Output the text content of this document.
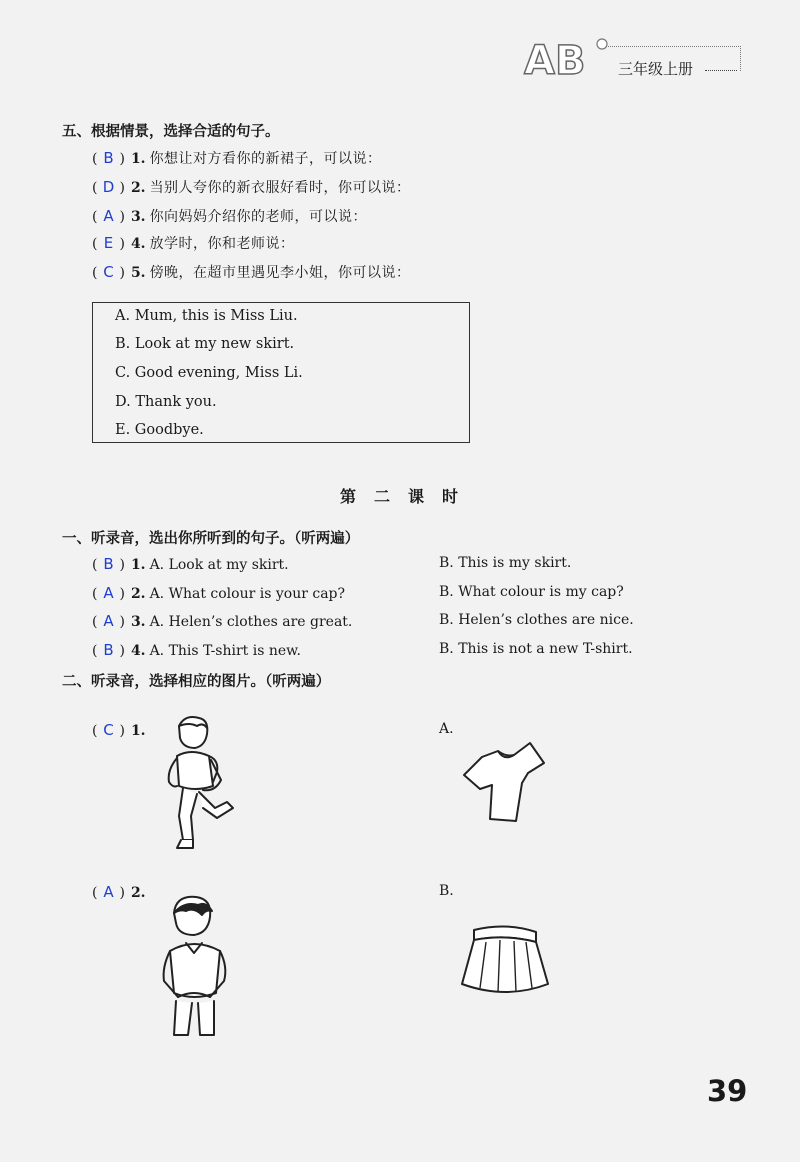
AB 三年级上册
五、根据情景，选择合适的句子。
( B ) 1. 你想让对方看你的新裙子，可以说：
( D ) 2. 当别人夸你的新衣服好看时，你可以说：
( A ) 3. 你向妈妈介绍你的老师，可以说：
( E ) 4. 放学时，你和老师说：
( C ) 5. 傍晚，在超市里遇见李小姐，你可以说：
A. Mum, this is Miss Liu.
B. Look at my new skirt.
C. Good evening, Miss Li.
D. Thank you.
E. Goodbye.
第二课时
一、听录音，选出你所听到的句子。（听两遍）
( B ) 1. A. Look at my skirt.	B. This is my skirt.
( A ) 2. A. What colour is your cap?	B. What colour is my cap?
( A ) 3. A. Helen’s clothes are great.	B. Helen’s clothes are nice.
( B ) 4. A. This T-shirt is new.	B. This is not a new T-shirt.
二、听录音，选择相应的图片。（听两遍）
( C ) 1.	A.
( A ) 2.	B.
39
